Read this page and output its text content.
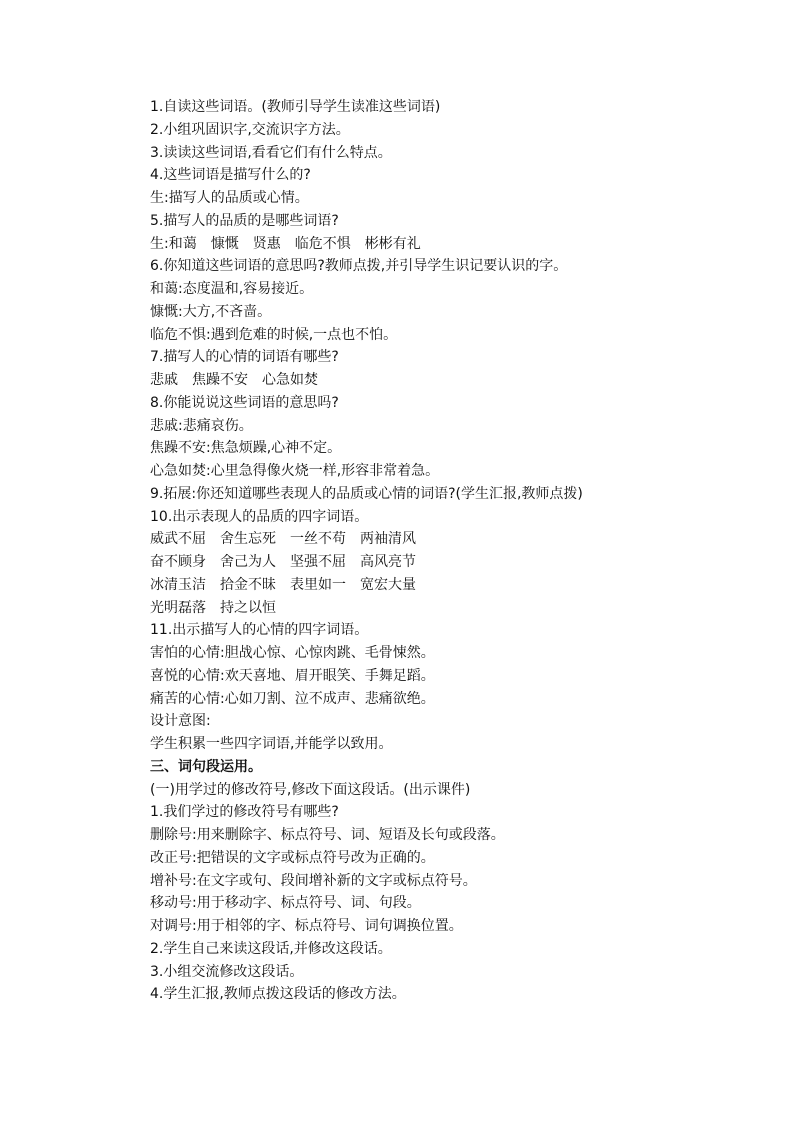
1.自读这些词语。(教师引导学生读准这些词语)
2.小组巩固识字,交流识字方法。
3.读读这些词语,看看它们有什么特点。
4.这些词语是描写什么的?
生:描写人的品质或心情。
5.描写人的品质的是哪些词语?
生:和蔼　慷慨　贤惠　临危不惧　彬彬有礼
6.你知道这些词语的意思吗?教师点拨,并引导学生识记要认识的字。
和蔼:态度温和,容易接近。
慷慨:大方,不吝啬。
临危不惧:遇到危难的时候,一点也不怕。
7.描写人的心情的词语有哪些?
悲戚　焦躁不安　心急如焚
8.你能说说这些词语的意思吗?
悲戚:悲痛哀伤。
焦躁不安:焦急烦躁,心神不定。
心急如焚:心里急得像火烧一样,形容非常着急。
9.拓展:你还知道哪些表现人的品质或心情的词语?(学生汇报,教师点拨)
10.出示表现人的品质的四字词语。
威武不屈　舍生忘死　一丝不苟　两袖清风
奋不顾身　舍己为人　坚强不屈　高风亮节
冰清玉洁　拾金不昧　表里如一　宽宏大量
光明磊落　持之以恒
11.出示描写人的心情的四字词语。
害怕的心情:胆战心惊、心惊肉跳、毛骨悚然。
喜悦的心情:欢天喜地、眉开眼笑、手舞足蹈。
痛苦的心情:心如刀割、泣不成声、悲痛欲绝。
设计意图:
学生积累一些四字词语,并能学以致用。
三、词句段运用。
(一)用学过的修改符号,修改下面这段话。(出示课件)
1.我们学过的修改符号有哪些?
删除号:用来删除字、标点符号、词、短语及长句或段落。
改正号:把错误的文字或标点符号改为正确的。
增补号:在文字或句、段间增补新的文字或标点符号。
移动号:用于移动字、标点符号、词、句段。
对调号:用于相邻的字、标点符号、词句调换位置。
2.学生自己来读这段话,并修改这段话。
3.小组交流修改这段话。
4.学生汇报,教师点拨这段话的修改方法。
